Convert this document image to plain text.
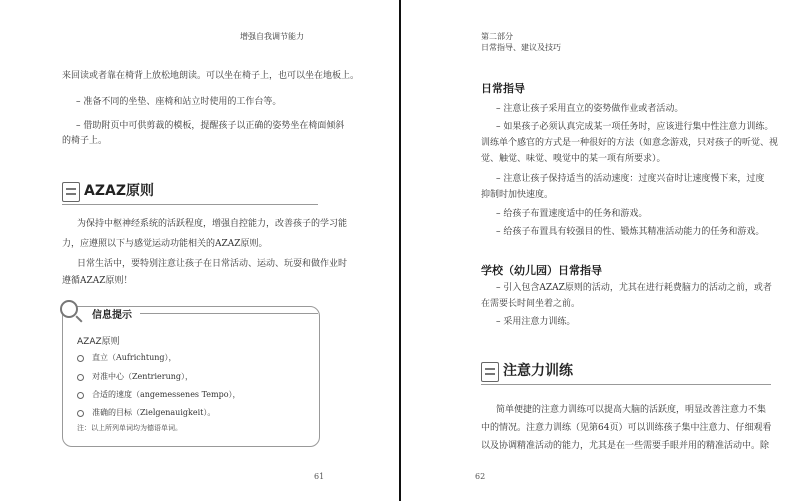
增强自我调节能力
来回读或者靠在椅背上放松地朗读。可以坐在椅子上，也可以坐在地板上。
– 准备不同的坐垫、座椅和站立时使用的工作台等。
– 借助附页中可供剪裁的模板，提醒孩子以正确的姿势坐在椅面倾斜
的椅子上。
AZAZ原则
为保持中枢神经系统的活跃程度，增强自控能力，改善孩子的学习能
力，应遵照以下与感觉运动功能相关的AZAZ原则。
日常生活中，要特别注意让孩子在日常活动、运动、玩耍和做作业时
遵循AZAZ原则！
信息提示
AZAZ原则
直立（Aufrichtung），
对准中心（Zentrierung），
合适的速度（angemessenes Tempo），
准确的目标（Zielgenauigkeit）。
注：以上所列单词均为德语单词。
61
第二部分
日常指导、建议及技巧
日常指导
– 注意让孩子采用直立的姿势做作业或者活动。
– 如果孩子必须认真完成某一项任务时，应该进行集中性注意力训练。
训练单个感官的方式是一种很好的方法（如意念游戏，只对孩子的听觉、视
觉、触觉、味觉、嗅觉中的某一项有所要求）。
– 注意让孩子保持适当的活动速度：过度兴奋时让速度慢下来，过度
抑制时加快速度。
– 给孩子布置速度适中的任务和游戏。
– 给孩子布置具有较强目的性、锻炼其精准活动能力的任务和游戏。
学校（幼儿园）日常指导
– 引入包含AZAZ原则的活动，尤其在进行耗费脑力的活动之前，或者
在需要长时间坐着之前。
– 采用注意力训练。
注意力训练
简单便捷的注意力训练可以提高大脑的活跃度，明显改善注意力不集
中的情况。注意力训练（见第64页）可以训练孩子集中注意力、仔细观看
以及协调精准活动的能力，尤其是在一些需要手眼并用的精准活动中。除
62
